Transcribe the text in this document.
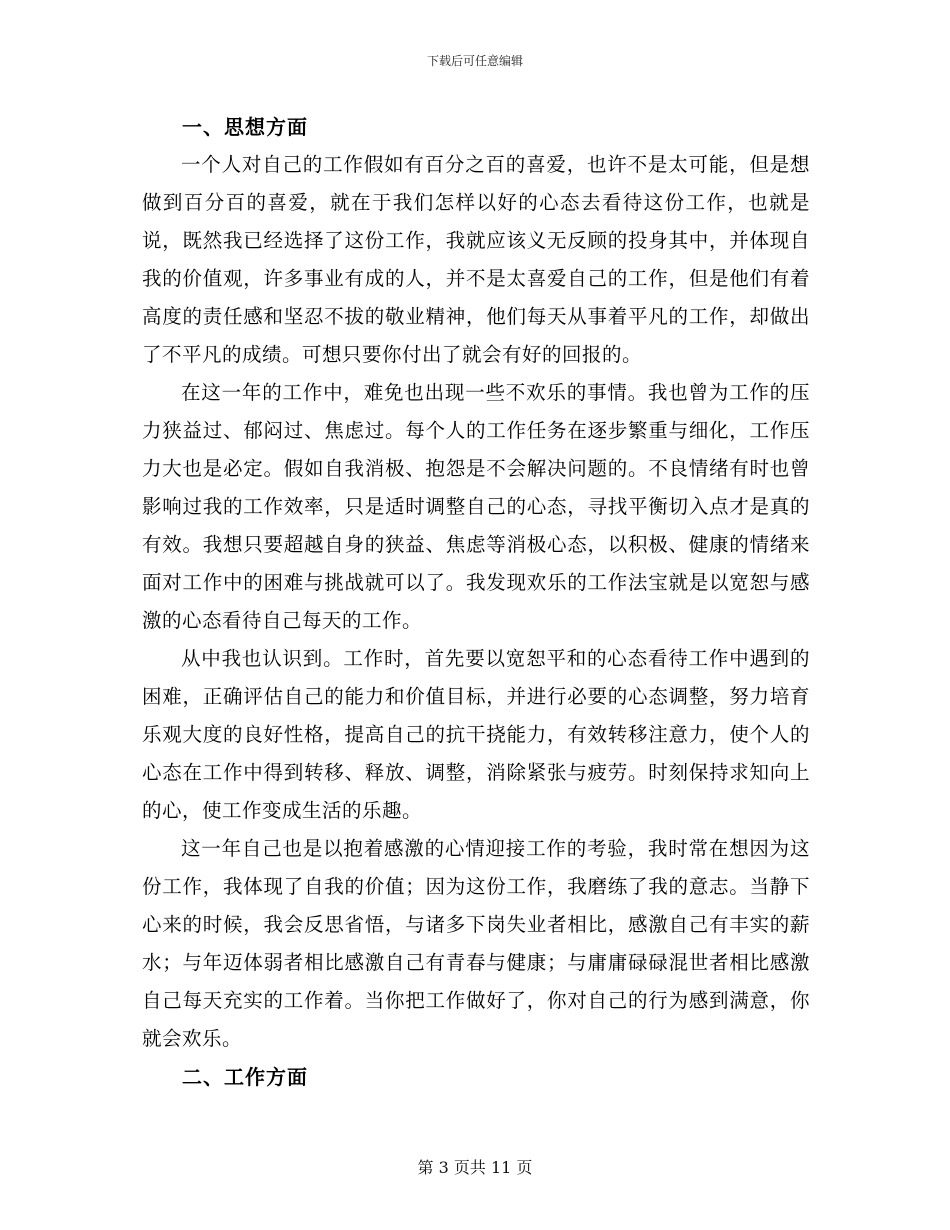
下载后可任意编辑
一、思想方面

一个人对自己的工作假如有百分之百的喜爱，也许不是太可能，但是想做到百分百的喜爱，就在于我们怎样以好的心态去看待这份工作，也就是说，既然我已经选择了这份工作，我就应该义无反顾的投身其中，并体现自我的价值观，许多事业有成的人，并不是太喜爱自己的工作，但是他们有着高度的责任感和坚忍不拔的敬业精神，他们每天从事着平凡的工作，却做出了不平凡的成绩。可想只要你付出了就会有好的回报的。

在这一年的工作中，难免也出现一些不欢乐的事情。我也曾为工作的压力狭益过、郁闷过、焦虑过。每个人的工作任务在逐步繁重与细化，工作压力大也是必定。假如自我消极、抱怨是不会解决问题的。不良情绪有时也曾影响过我的工作效率，只是适时调整自己的心态，寻找平衡切入点才是真的有效。我想只要超越自身的狭益、焦虑等消极心态，以积极、健康的情绪来面对工作中的困难与挑战就可以了。我发现欢乐的工作法宝就是以宽恕与感激的心态看待自己每天的工作。

从中我也认识到。工作时，首先要以宽恕平和的心态看待工作中遇到的困难，正确评估自己的能力和价值目标，并进行必要的心态调整，努力培育乐观大度的良好性格，提高自己的抗干挠能力，有效转移注意力，使个人的心态在工作中得到转移、释放、调整，消除紧张与疲劳。时刻保持求知向上的心，使工作变成生活的乐趣。

这一年自己也是以抱着感激的心情迎接工作的考验，我时常在想因为这份工作，我体现了自我的价值；因为这份工作，我磨练了我的意志。当静下心来的时候，我会反思省悟，与诸多下岗失业者相比，感激自己有丰实的薪水；与年迈体弱者相比感激自己有青春与健康；与庸庸碌碌混世者相比感激自己每天充实的工作着。当你把工作做好了，你对自己的行为感到满意，你就会欢乐。

二、工作方面
第 3 页共 11 页
